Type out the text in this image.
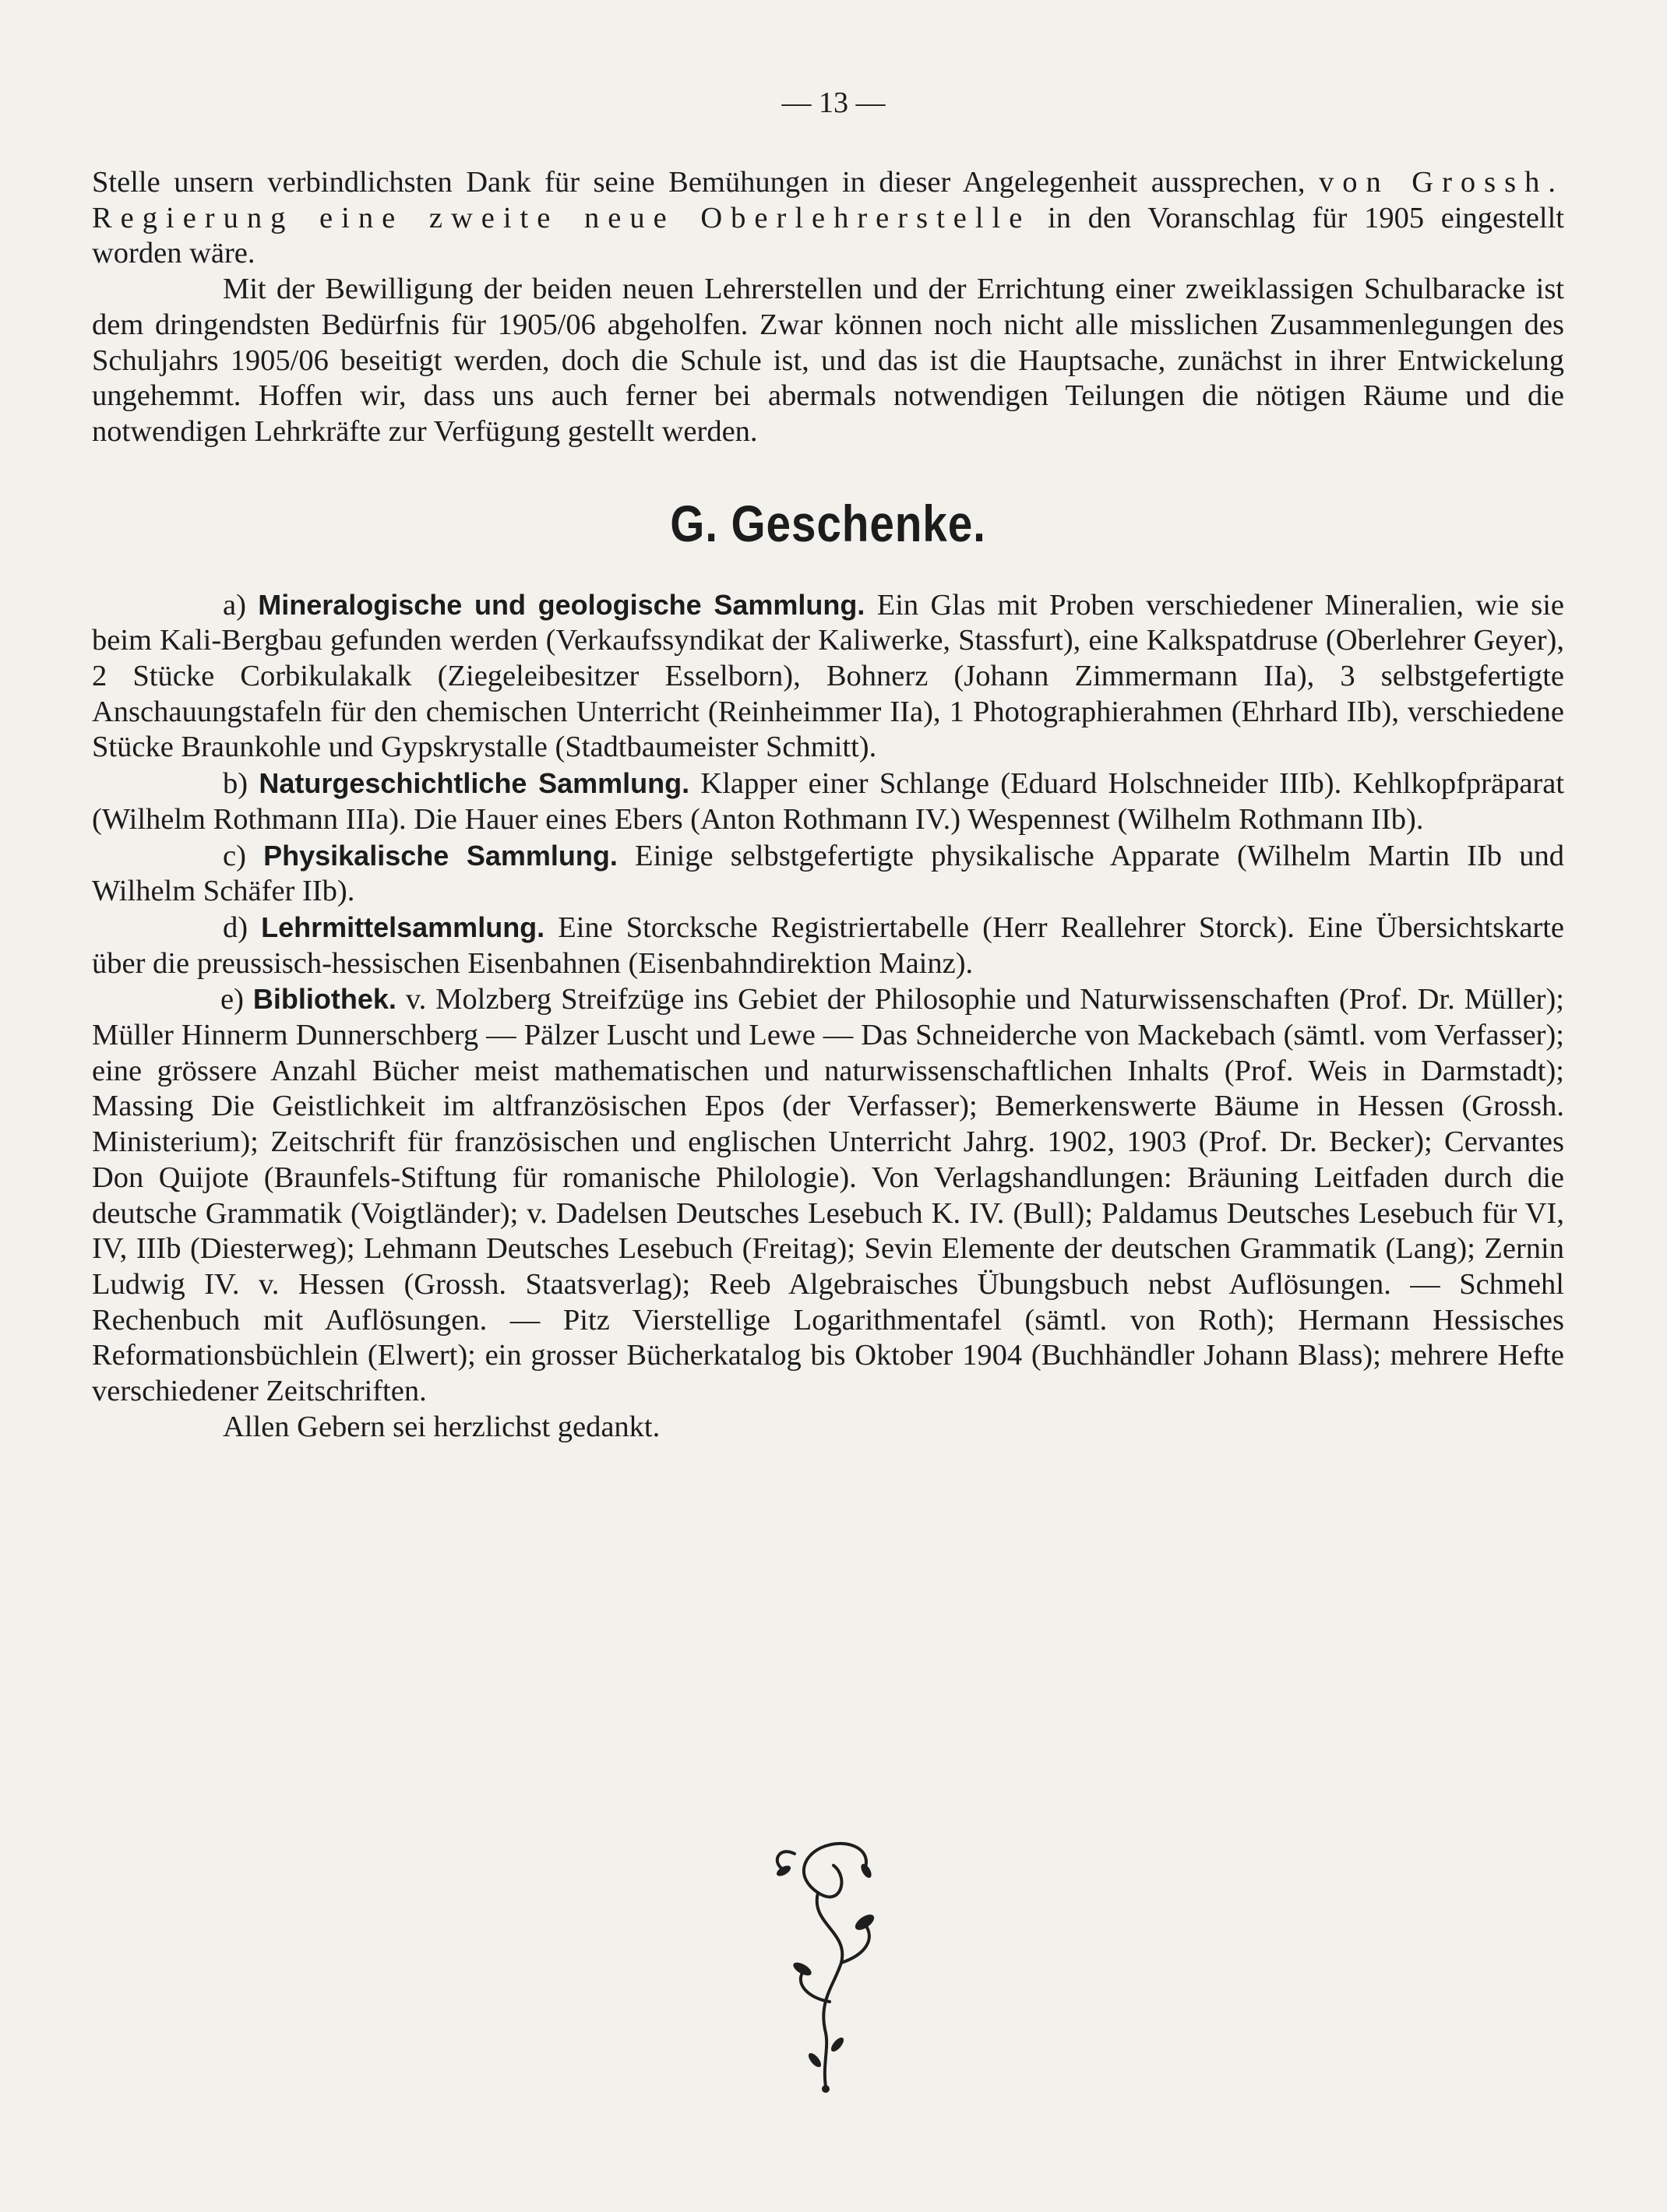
— 13 —

Stelle unsern verbindlichsten Dank für seine Bemühungen in dieser Angelegenheit aussprechen, von Grossh. Regierung eine zweite neue Oberlehrerstelle in den Voranschlag für 1905 eingestellt worden wäre.

Mit der Bewilligung der beiden neuen Lehrerstellen und der Errichtung einer zweiklassigen Schulbaracke ist dem dringendsten Bedürfnis für 1905/06 abgeholfen. Zwar können noch nicht alle misslichen Zusammenlegungen des Schuljahrs 1905/06 beseitigt werden, doch die Schule ist, und das ist die Hauptsache, zunächst in ihrer Entwickelung ungehemmt. Hoffen wir, dass uns auch ferner bei abermals notwendigen Teilungen die nötigen Räume und die notwendigen Lehrkräfte zur Verfügung gestellt werden.

G. Geschenke.

a) Mineralogische und geologische Sammlung. Ein Glas mit Proben verschiedener Mineralien, wie sie beim Kali-Bergbau gefunden werden (Verkaufssyndikat der Kaliwerke, Stassfurt), eine Kalkspatdruse (Oberlehrer Geyer), 2 Stücke Corbikulakalk (Ziegeleibesitzer Esselborn), Bohnerz (Johann Zimmermann IIa), 3 selbstgefertigte Anschauungstafeln für den chemischen Unterricht (Reinheimmer IIa), 1 Photographierahmen (Ehrhard IIb), verschiedene Stücke Braunkohle und Gypskrystalle (Stadtbaumeister Schmitt).

b) Naturgeschichtliche Sammlung. Klapper einer Schlange (Eduard Holschneider IIIb). Kehlkopfpräparat (Wilhelm Rothmann IIIa). Die Hauer eines Ebers (Anton Rothmann IV.) Wespennest (Wilhelm Rothmann IIb).

c) Physikalische Sammlung. Einige selbstgefertigte physikalische Apparate (Wilhelm Martin IIb und Wilhelm Schäfer IIb).

d) Lehrmittelsammlung. Eine Storcksche Registriertabelle (Herr Reallehrer Storck). Eine Übersichtskarte über die preussisch-hessischen Eisenbahnen (Eisenbahndirektion Mainz).

e) Bibliothek. v. Molzberg Streifzüge ins Gebiet der Philosophie und Naturwissenschaften (Prof. Dr. Müller); Müller Hinnerm Dunnerschberg — Pälzer Luscht und Lewe — Das Schneiderche von Mackebach (sämtl. vom Verfasser); eine grössere Anzahl Bücher meist mathematischen und naturwissenschaftlichen Inhalts (Prof. Weis in Darmstadt); Massing Die Geistlichkeit im altfranzösischen Epos (der Verfasser); Bemerkenswerte Bäume in Hessen (Grossh. Ministerium); Zeitschrift für französischen und englischen Unterricht Jahrg. 1902, 1903 (Prof. Dr. Becker); Cervantes Don Quijote (Braunfels-Stiftung für romanische Philologie). Von Verlagshandlungen: Bräuning Leitfaden durch die deutsche Grammatik (Voigtländer); v. Dadelsen Deutsches Lesebuch K. IV. (Bull); Paldamus Deutsches Lesebuch für VI, IV, IIIb (Diesterweg); Lehmann Deutsches Lesebuch (Freitag); Sevin Elemente der deutschen Grammatik (Lang); Zernin Ludwig IV. v. Hessen (Grossh. Staatsverlag); Reeb Algebraisches Übungsbuch nebst Auflösungen. — Schmehl Rechenbuch mit Auflösungen. — Pitz Vierstellige Logarithmentafel (sämtl. von Roth); Hermann Hessisches Reformationsbüchlein (Elwert); ein grosser Bücherkatalog bis Oktober 1904 (Buchhändler Johann Blass); mehrere Hefte verschiedener Zeitschriften.

Allen Gebern sei herzlichst gedankt.
